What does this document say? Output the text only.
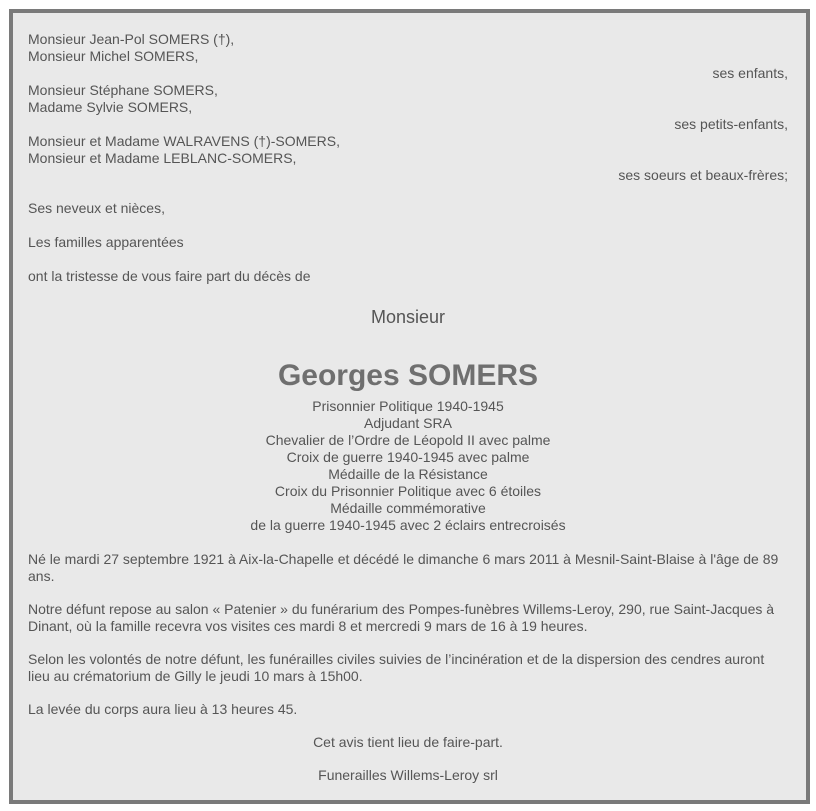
Monsieur Jean-Pol SOMERS (†),
Monsieur Michel SOMERS,
ses enfants,
Monsieur Stéphane SOMERS,
Madame Sylvie SOMERS,
ses petits-enfants,
Monsieur et Madame WALRAVENS (†)-SOMERS,
Monsieur et Madame LEBLANC-SOMERS,
ses soeurs et beaux-frères;
Ses neveux et nièces,
Les familles apparentées
ont la tristesse de vous faire part du décès de
Monsieur
Georges SOMERS
Prisonnier Politique 1940-1945
Adjudant SRA
Chevalier de l’Ordre de Léopold II avec palme
Croix de guerre 1940-1945 avec palme
Médaille de la Résistance
Croix du Prisonnier Politique avec 6 étoiles
Médaille commémorative
de la guerre 1940-1945 avec 2 éclairs entrecroisés

Né le mardi 27 septembre 1921 à Aix-la-Chapelle et décédé le dimanche 6 mars 2011 à Mesnil-Saint-Blaise à l'âge de 89 ans.

Notre défunt repose au salon « Patenier » du funérarium des Pompes-funèbres Willems-Leroy, 290, rue Saint-Jacques à Dinant, où la famille recevra vos visites ces mardi 8 et mercredi 9 mars de 16 à 19 heures.

Selon les volontés de notre défunt, les funérailles civiles suivies de l’incinération et de la dispersion des cendres auront lieu au crématorium de Gilly le jeudi 10 mars à 15h00.

La levée du corps aura lieu à 13 heures 45.

Cet avis tient lieu de faire-part.
Funerailles Willems-Leroy srl
